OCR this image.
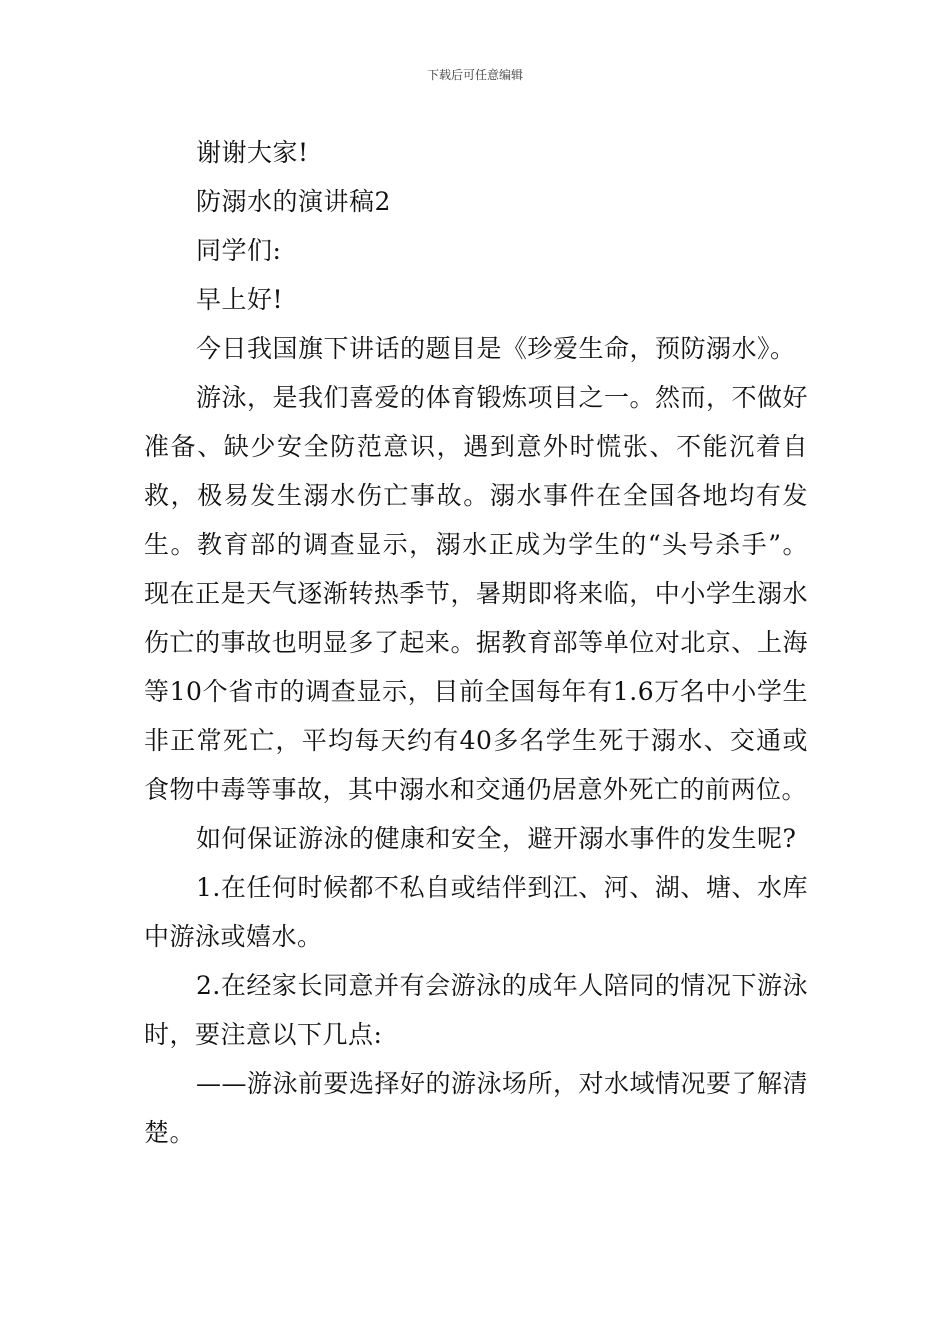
下载后可任意编辑

谢谢大家!

防溺水的演讲稿2

同学们:

早上好!

今日我国旗下讲话的题目是《珍爱生命，预防溺水》。

游泳，是我们喜爱的体育锻炼项目之一。然而，不做好准备、缺少安全防范意识，遇到意外时慌张、不能沉着自救，极易发生溺水伤亡事故。溺水事件在全国各地均有发生。教育部的调查显示，溺水正成为学生的“头号杀手”。现在正是天气逐渐转热季节，暑期即将来临，中小学生溺水伤亡的事故也明显多了起来。据教育部等单位对北京、上海等10个省市的调查显示，目前全国每年有1.6万名中小学生非正常死亡，平均每天约有40多名学生死于溺水、交通或食物中毒等事故，其中溺水和交通仍居意外死亡的前两位。

如何保证游泳的健康和安全，避开溺水事件的发生呢?

1.在任何时候都不私自或结伴到江、河、湖、塘、水库中游泳或嬉水。

2.在经家长同意并有会游泳的成年人陪同的情况下游泳时，要注意以下几点:

——游泳前要选择好的游泳场所，对水域情况要了解清楚。
